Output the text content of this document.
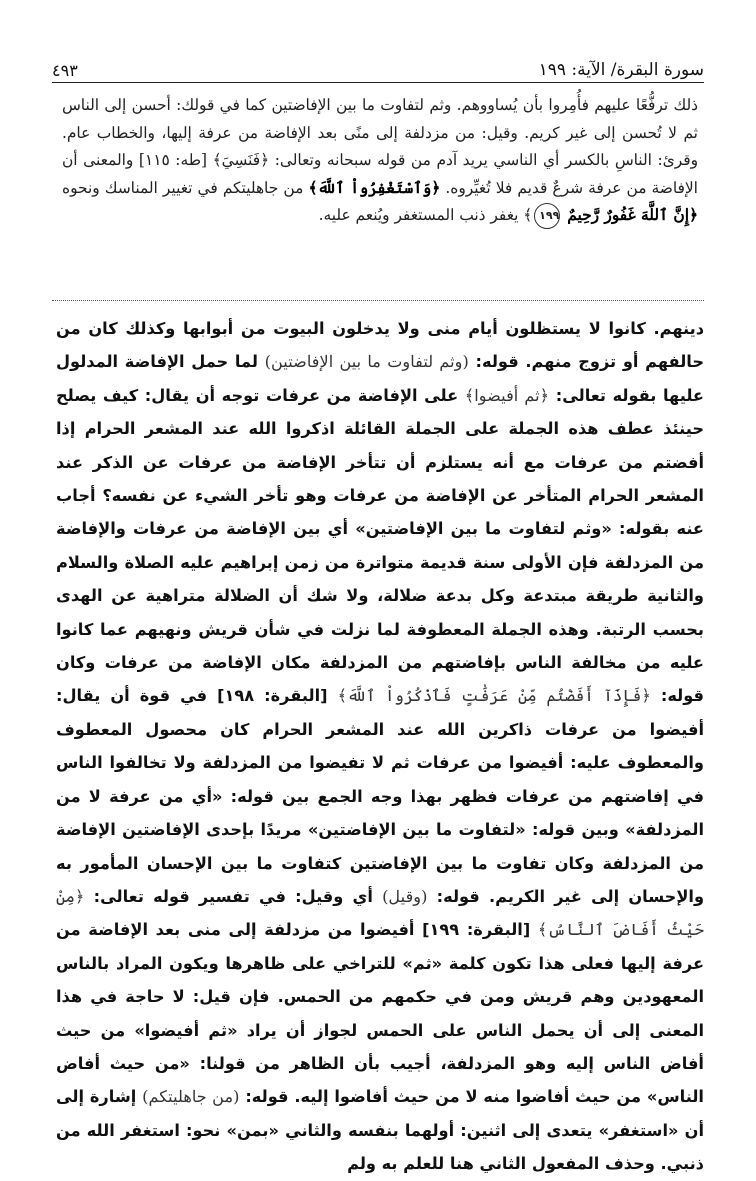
سورة البقرة/ الآية: ١٩٩
٤٩٣
ذلك ترفُّعًا عليهم فأُمِروا بأن يُساووهم. وثم لتفاوت ما بين الإفاضتين كما في قولك: أحسن إلى الناس ثم لا تُحسن إلى غير كريم. وقيل: من مزدلفة إلى منًى بعد الإفاضة من عرفة إليها، والخطاب عام. وقرئ: الناسِ بالكسر أي الناسي يريد آدم من قوله سبحانه وتعالى: ﴿فَنَسِيَ﴾ [طه: ١١٥] والمعنى أن الإفاضة من عرفة شرعٌ قديم فلا تُغيِّروه. ﴿وَٱسْتَغْفِرُواْ ٱللَّهَ﴾ من جاهليتكم في تغيير المناسك ونحوه ﴿إِنَّ ٱللَّهَ غَفُورٌ رَّحِيمٌ ١٩٩﴾ يغفر ذنب المستغفر ويُنعم عليه.
دينهم. كانوا لا يستظلون أيام منى ولا يدخلون البيوت من أبوابها وكذلك كان من حالفهم أو تزوج منهم. قوله: (وثم لتفاوت ما بين الإفاضتين) لما حمل الإفاضة المدلول عليها بقوله تعالى: ﴿ثم أفيضوا﴾ على الإفاضة من عرفات توجه أن يقال: كيف يصلح حينئذ عطف هذه الجملة على الجملة القائلة اذكروا الله عند المشعر الحرام إذا أفضتم من عرفات مع أنه يستلزم أن تتأخر الإفاضة من عرفات عن الذكر عند المشعر الحرام المتأخر عن الإفاضة من عرفات وهو تأخر الشيء عن نفسه؟ أجاب عنه بقوله: «وثم لتفاوت ما بين الإفاضتين» أي بين الإفاضة من عرفات والإفاضة من المزدلفة فإن الأولى سنة قديمة متواترة من زمن إبراهيم عليه الصلاة والسلام والثانية طريقة مبتدعة وكل بدعة ضلالة، ولا شك أن الضلالة متراهية عن الهدى بحسب الرتبة. وهذه الجملة المعطوفة لما نزلت في شأن قريش ونهيهم عما كانوا عليه من مخالفة الناس بإفاضتهم من المزدلفة مكان الإفاضة من عرفات وكان قوله: ﴿فَإِذَآ أَفَضْتُم مِّنْ عَرَفَٰتٍ فَٱذْكُرُواْ ٱللَّهَ﴾ [البقرة: ١٩٨] في قوة أن يقال: أفيضوا من عرفات ذاكرين الله عند المشعر الحرام كان محصول المعطوف والمعطوف عليه: أفيضوا من عرفات ثم لا تفيضوا من المزدلفة ولا تخالفوا الناس في إفاضتهم من عرفات فظهر بهذا وجه الجمع بين قوله: «أي من عرفة لا من المزدلفة» وبين قوله: «لتفاوت ما بين الإفاضتين» مريدًا بإحدى الإفاضتين الإفاضة من المزدلفة وكان تفاوت ما بين الإفاضتين كتفاوت ما بين الإحسان المأمور به والإحسان إلى غير الكريم. قوله: (وقيل) أي وقيل: في تفسير قوله تعالى: ﴿مِنْ حَيْثُ أَفَاضَ ٱلنَّاسُ﴾ [البقرة: ١٩٩] أفيضوا من مزدلفة إلى منى بعد الإفاضة من عرفة إليها فعلى هذا تكون كلمة «ثم» للتراخي على ظاهرها ويكون المراد بالناس المعهودين وهم قريش ومن في حكمهم من الحمس. فإن قيل: لا حاجة في هذا المعنى إلى أن يحمل الناس على الحمس لجواز أن يراد «ثم أفيضوا» من حيث أفاض الناس إليه وهو المزدلفة، أجيب بأن الظاهر من قولنا: «من حيث أفاض الناس» من حيث أفاضوا منه لا من حيث أفاضوا إليه. قوله: (من جاهليتكم) إشارة إلى أن «استغفر» يتعدى إلى اثنين: أولهما بنفسه والثاني «بمن» نحو: استغفر الله من ذنبي. وحذف المفعول الثاني هنا للعلم به ولم
